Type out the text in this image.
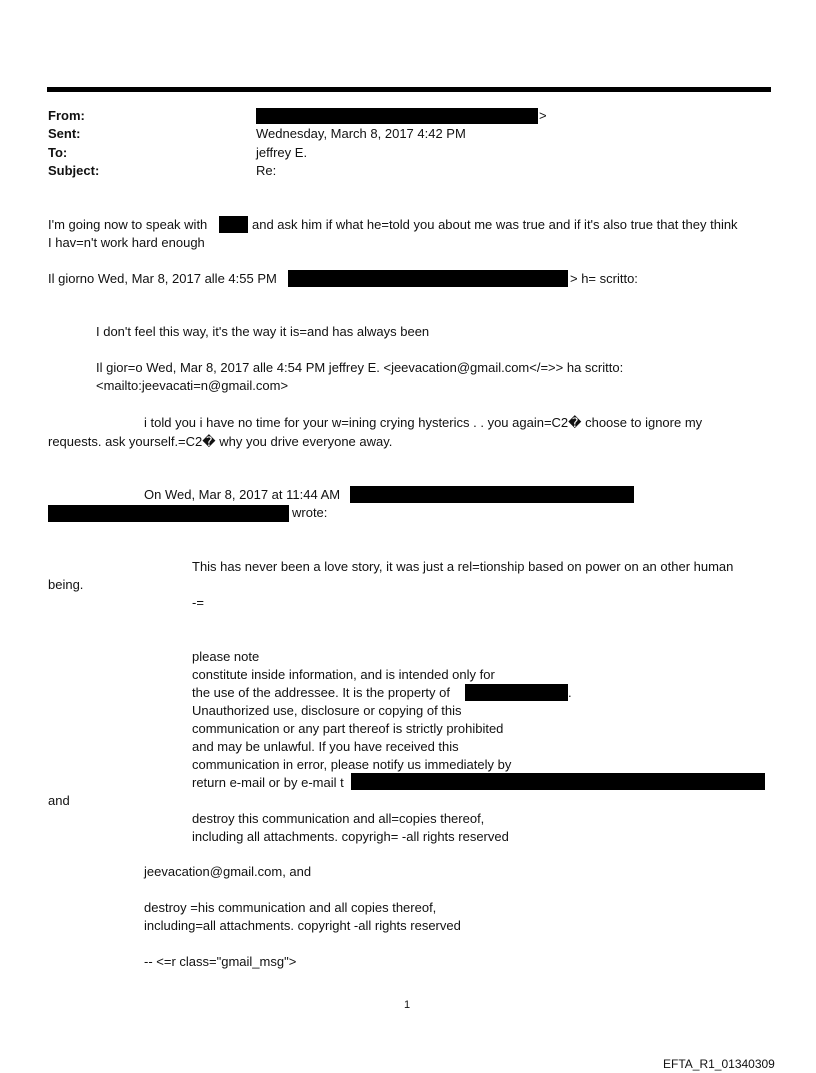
From:	>
Sent:	Wednesday, March 8, 2017 4:42 PM
To:	jeffrey E.
Subject:	Re:
I'm going now to speak with	and ask him if what he=told you about me was true and if it's also true that they think
I hav=n't work hard enough
Il giorno Wed, Mar 8, 2017 alle 4:55 PM	> h= scritto:
I don't feel this way, it's the way it is=and has always been
Il gior=o Wed, Mar 8, 2017 alle 4:54 PM jeffrey E. <jeevacation@gmail.com</=>> ha scritto:
<mailto:jeevacati=n@gmail.com>
i told you i have no time for your w=ining crying hysterics . . you again=C2� choose to ignore my
requests. ask yourself.=C2� why you drive everyone away.
On Wed, Mar 8, 2017 at 11:44 AM
wrote:
This has never been a love story, it was just a rel=tionship based on power on an other human
being.
-=
please note
constitute inside information, and is intended only for
the use of the addressee. It is the property of	.
Unauthorized use, disclosure or copying of this
communication or any part thereof is strictly prohibited
and may be unlawful. If you have received this
communication in error, please notify us immediately by
return e-mail or by e-mail t
and
destroy this communication and all=copies thereof,
including all attachments. copyrigh= -all rights reserved
jeevacation@gmail.com, and
destroy =his communication and all copies thereof,
including=all attachments. copyright -all rights reserved
-- <=r class="gmail_msg">
1
EFTA_R1_01340309
